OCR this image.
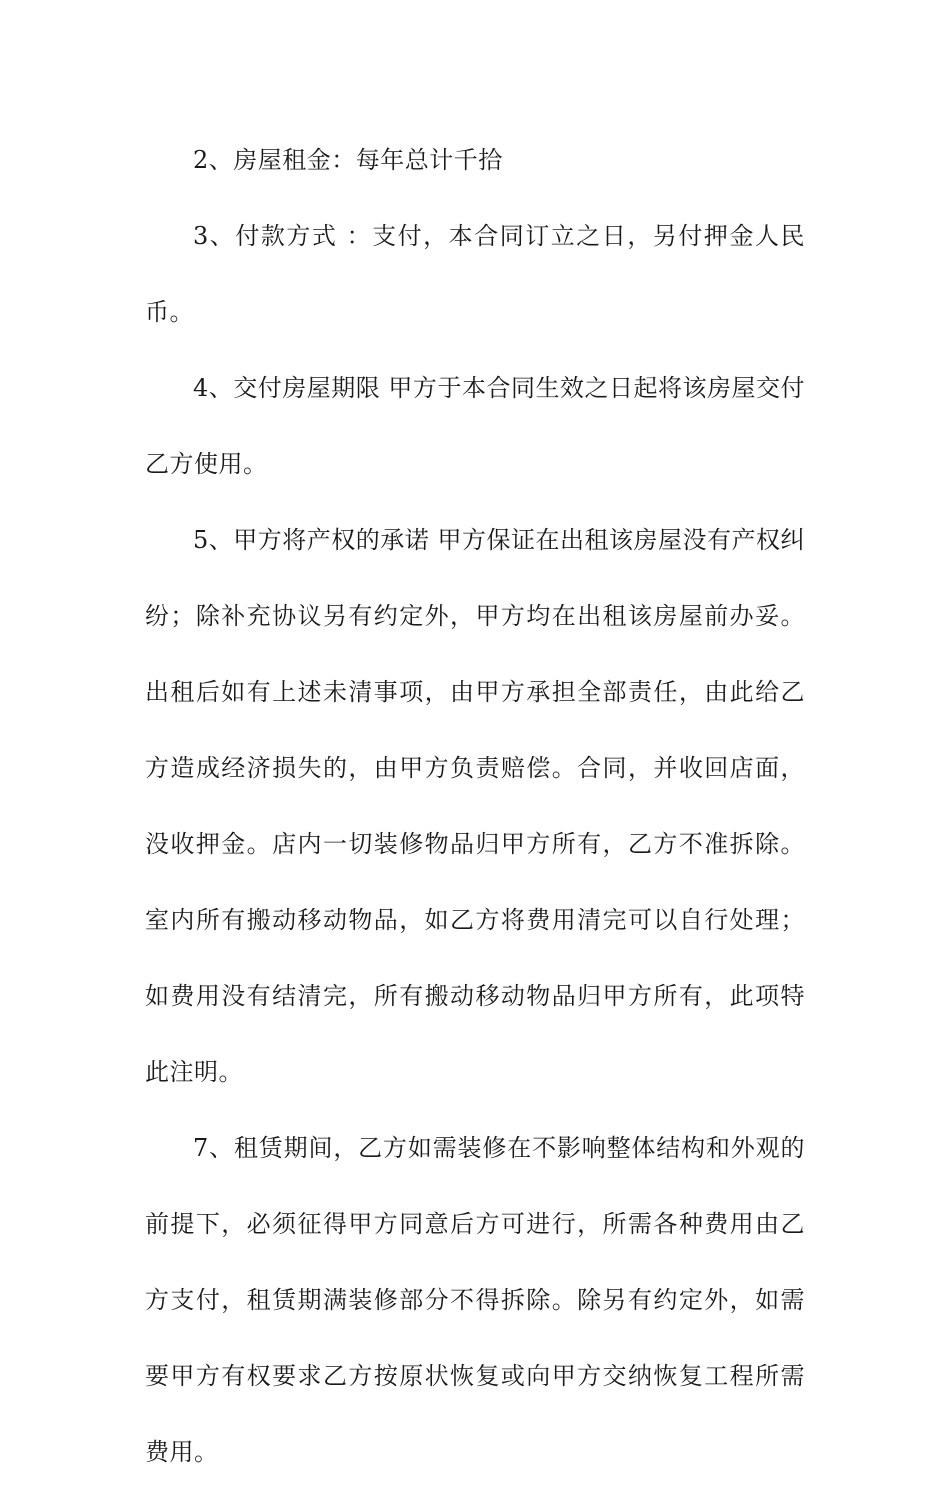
2、房屋租金：每年总计千拾

3、付款方式 ：支付，本合同订立之日，另付押金人民币。

4、交付房屋期限 甲方于本合同生效之日起将该房屋交付乙方使用。

5、甲方将产权的承诺 甲方保证在出租该房屋没有产权纠纷；除补充协议另有约定外，甲方均在出租该房屋前办妥。出租后如有上述未清事项，由甲方承担全部责任，由此给乙方造成经济损失的，由甲方负责赔偿。合同，并收回店面，没收押金。店内一切装修物品归甲方所有，乙方不准拆除。室内所有搬动移动物品，如乙方将费用清完可以自行处理；如费用没有结清完，所有搬动移动物品归甲方所有，此项特此注明。

7、租赁期间，乙方如需装修在不影响整体结构和外观的前提下，必须征得甲方同意后方可进行，所需各种费用由乙方支付，租赁期满装修部分不得拆除。除另有约定外，如需要甲方有权要求乙方按原状恢复或向甲方交纳恢复工程所需费用。
